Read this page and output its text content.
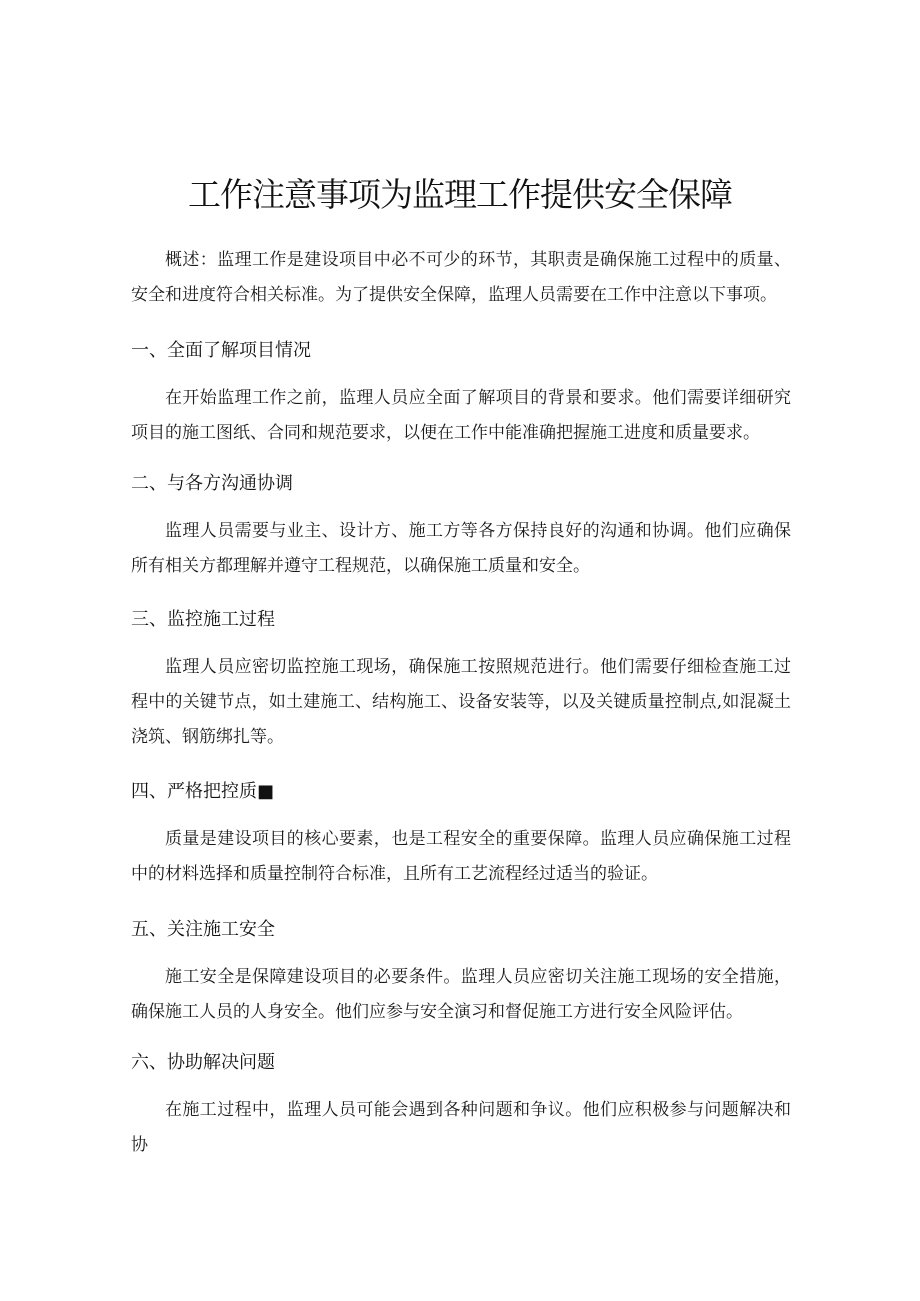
工作注意事项为监理工作提供安全保障

概述：监理工作是建设项目中必不可少的环节，其职责是确保施工过程中的质量、安全和进度符合相关标准。为了提供安全保障，监理人员需要在工作中注意以下事项。

一、全面了解项目情况

在开始监理工作之前，监理人员应全面了解项目的背景和要求。他们需要详细研究项目的施工图纸、合同和规范要求，以便在工作中能准确把握施工进度和质量要求。

二、与各方沟通协调

监理人员需要与业主、设计方、施工方等各方保持良好的沟通和协调。他们应确保所有相关方都理解并遵守工程规范，以确保施工质量和安全。

三、监控施工过程

监理人员应密切监控施工现场，确保施工按照规范进行。他们需要仔细检查施工过程中的关键节点，如土建施工、结构施工、设备安装等，以及关键质量控制点,如混凝土浇筑、钢筋绑扎等。

四、严格把控质■

质量是建设项目的核心要素，也是工程安全的重要保障。监理人员应确保施工过程中的材料选择和质量控制符合标准，且所有工艺流程经过适当的验证。

五、关注施工安全

施工安全是保障建设项目的必要条件。监理人员应密切关注施工现场的安全措施，确保施工人员的人身安全。他们应参与安全演习和督促施工方进行安全风险评估。

六、协助解决问题

在施工过程中，监理人员可能会遇到各种问题和争议。他们应积极参与问题解决和协
